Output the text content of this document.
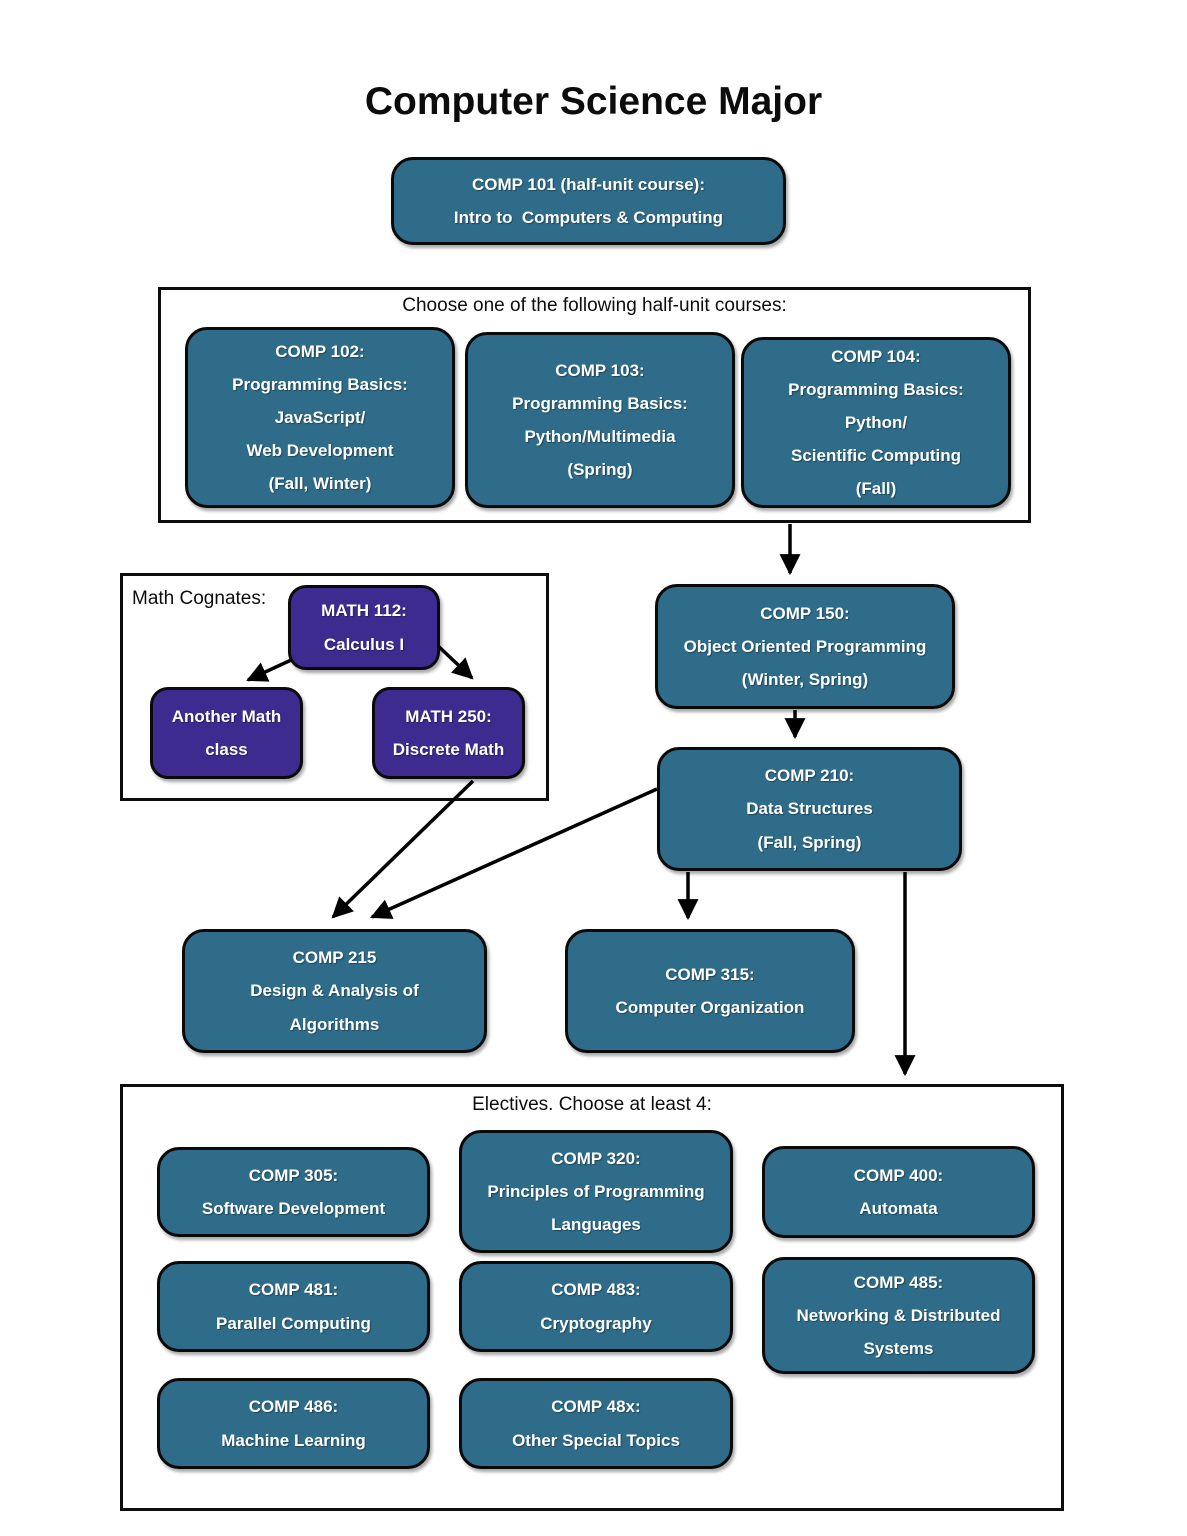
Computer Science Major
COMP 101 (half-unit course):
Intro to  Computers & Computing
Choose one of the following half-unit courses:
COMP 102:
Programming Basics:
JavaScript/
Web Development
(Fall, Winter)
COMP 103:
Programming Basics:
Python/Multimedia
(Spring)
COMP 104:
Programming Basics:
Python/
Scientific Computing
(Fall)
Math Cognates:
MATH 112:
Calculus I
Another Math
class
MATH 250:
Discrete Math
COMP 150:
Object Oriented Programming
(Winter, Spring)
COMP 210:
Data Structures
(Fall, Spring)
COMP 215
Design & Analysis of
Algorithms
COMP 315:
Computer Organization
Electives. Choose at least 4:
COMP 305:
Software Development
COMP 320:
Principles of Programming
Languages
COMP 400:
Automata
COMP 481:
Parallel Computing
COMP 483:
Cryptography
COMP 485:
Networking & Distributed
Systems
COMP 486:
Machine Learning
COMP 48x:
Other Special Topics
